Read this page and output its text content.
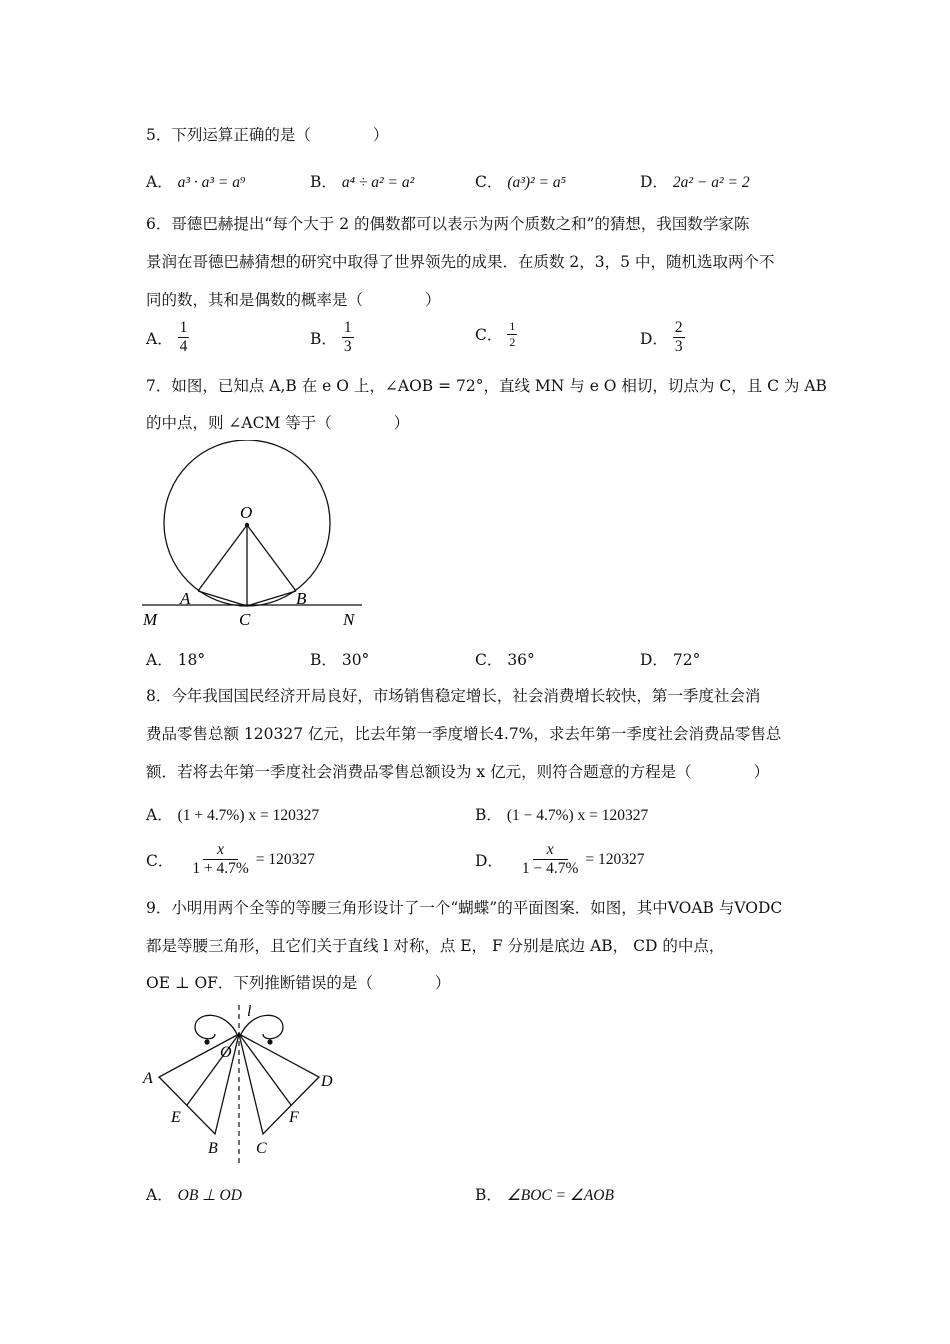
5．下列运算正确的是（　　　　）
A． a³ · a³ = a⁹	B． a⁴ ÷ a² = a²	C． (a³)² = a⁵	D． 2a² − a² = 2
6．哥德巴赫提出“每个大于 2 的偶数都可以表示为两个质数之和”的猜想，我国数学家陈
景润在哥德巴赫猜想的研究中取得了世界领先的成果．在质数 2，3，5 中，随机选取两个不
同的数，其和是偶数的概率是（　　　　）
A． $\frac{1}{4}$	B． $\frac{1}{3}$	C． $\frac{1}{2}$	D． $\frac{2}{3}$
7．如图，已知点 A,B 在 e O 上，∠AOB = 72°，直线 MN 与 e O 相切，切点为 C，且 C 为 AB
的中点，则 ∠ACM 等于（　　　　）
O
A	B
C
M	N
A． 18°	B． 30°	C． 36°	D． 72°
8．今年我国国民经济开局良好，市场销售稳定增长，社会消费增长较快，第一季度社会消
费品零售总额 120327 亿元，比去年第一季度增长4.7%，求去年第一季度社会消费品零售总
额．若将去年第一季度社会消费品零售总额设为 x 亿元，则符合题意的方程是（　　　　）
A． (1 + 4.7%) x = 120327	B． (1 − 4.7%) x = 120327
C． $\frac{x}{1 + 4.7\%} = 120327$	D． $\frac{x}{1 - 4.7\%} = 120327$
9．小明用两个全等的等腰三角形设计了一个“蝴蝶”的平面图案．如图，其中VOAB 与VODC
都是等腰三角形，且它们关于直线 l 对称，点 E， F 分别是底边 AB， CD 的中点，
OE ⊥ OF．下列推断错误的是（　　　　）
l
O
A	D
E	F
B C
A． OB ⊥ OD	B． ∠BOC = ∠AOB
